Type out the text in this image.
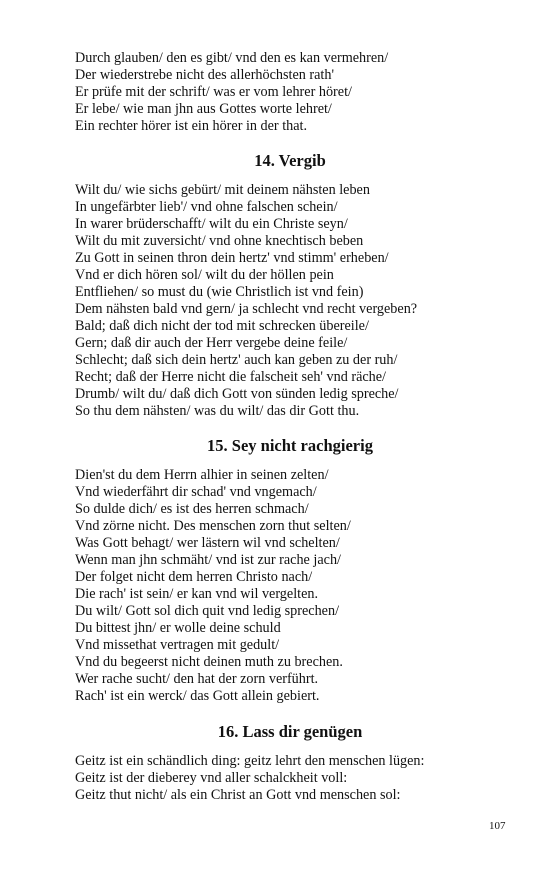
Durch glauben/ den es gibt/ vnd den es kan vermehren/
Der wiederstrebe nicht des allerhöchsten rath'
Er prüfe mit der schrift/ was er vom lehrer höret/
Er lebe/ wie man jhn aus Gottes worte lehret/
Ein rechter hörer ist ein hörer in der that.
14. Vergib
Wilt du/ wie sichs gebürt/ mit deinem nähsten leben
In ungefärbter lieb'/ vnd ohne falschen schein/
In warer brüderschafft/ wilt du ein Christe seyn/
Wilt du mit zuversicht/ vnd ohne knechtisch beben
Zu Gott in seinen thron dein hertz' vnd stimm' erheben/
Vnd er dich hören sol/ wilt du der höllen pein
Entfliehen/ so must du (wie Christlich ist vnd fein)
Dem nähsten bald vnd gern/ ja schlecht vnd recht vergeben?
Bald; daß dich nicht der tod mit schrecken übereile/
Gern; daß dir auch der Herr vergebe deine feile/
Schlecht; daß sich dein hertz' auch kan geben zu der ruh/
Recht; daß der Herre nicht die falscheit seh' vnd räche/
Drumb/ wilt du/ daß dich Gott von sünden ledig spreche/
So thu dem nähsten/ was du wilt/ das dir Gott thu.
15. Sey nicht rachgierig
Dien'st du dem Herrn alhier in seinen zelten/
Vnd wiederfährt dir schad' vnd vngemach/
So dulde dich/ es ist des herren schmach/
Vnd zörne nicht. Des menschen zorn thut selten/
Was Gott behagt/ wer lästern wil vnd schelten/
Wenn man jhn schmäht/ vnd ist zur rache jach/
Der folget nicht dem herren Christo nach/
Die rach' ist sein/ er kan vnd wil vergelten.
Du wilt/ Gott sol dich quit vnd ledig sprechen/
Du bittest jhn/ er wolle deine schuld
Vnd missethat vertragen mit gedult/
Vnd du begeerst nicht deinen muth zu brechen.
Wer rache sucht/ den hat der zorn verführt.
Rach' ist ein werck/ das Gott allein gebiert.
16. Lass dir genügen
Geitz ist ein schändlich ding: geitz lehrt den menschen lügen:
Geitz ist der dieberey vnd aller schalckheit voll:
Geitz thut nicht/ als ein Christ an Gott vnd menschen sol:
107
